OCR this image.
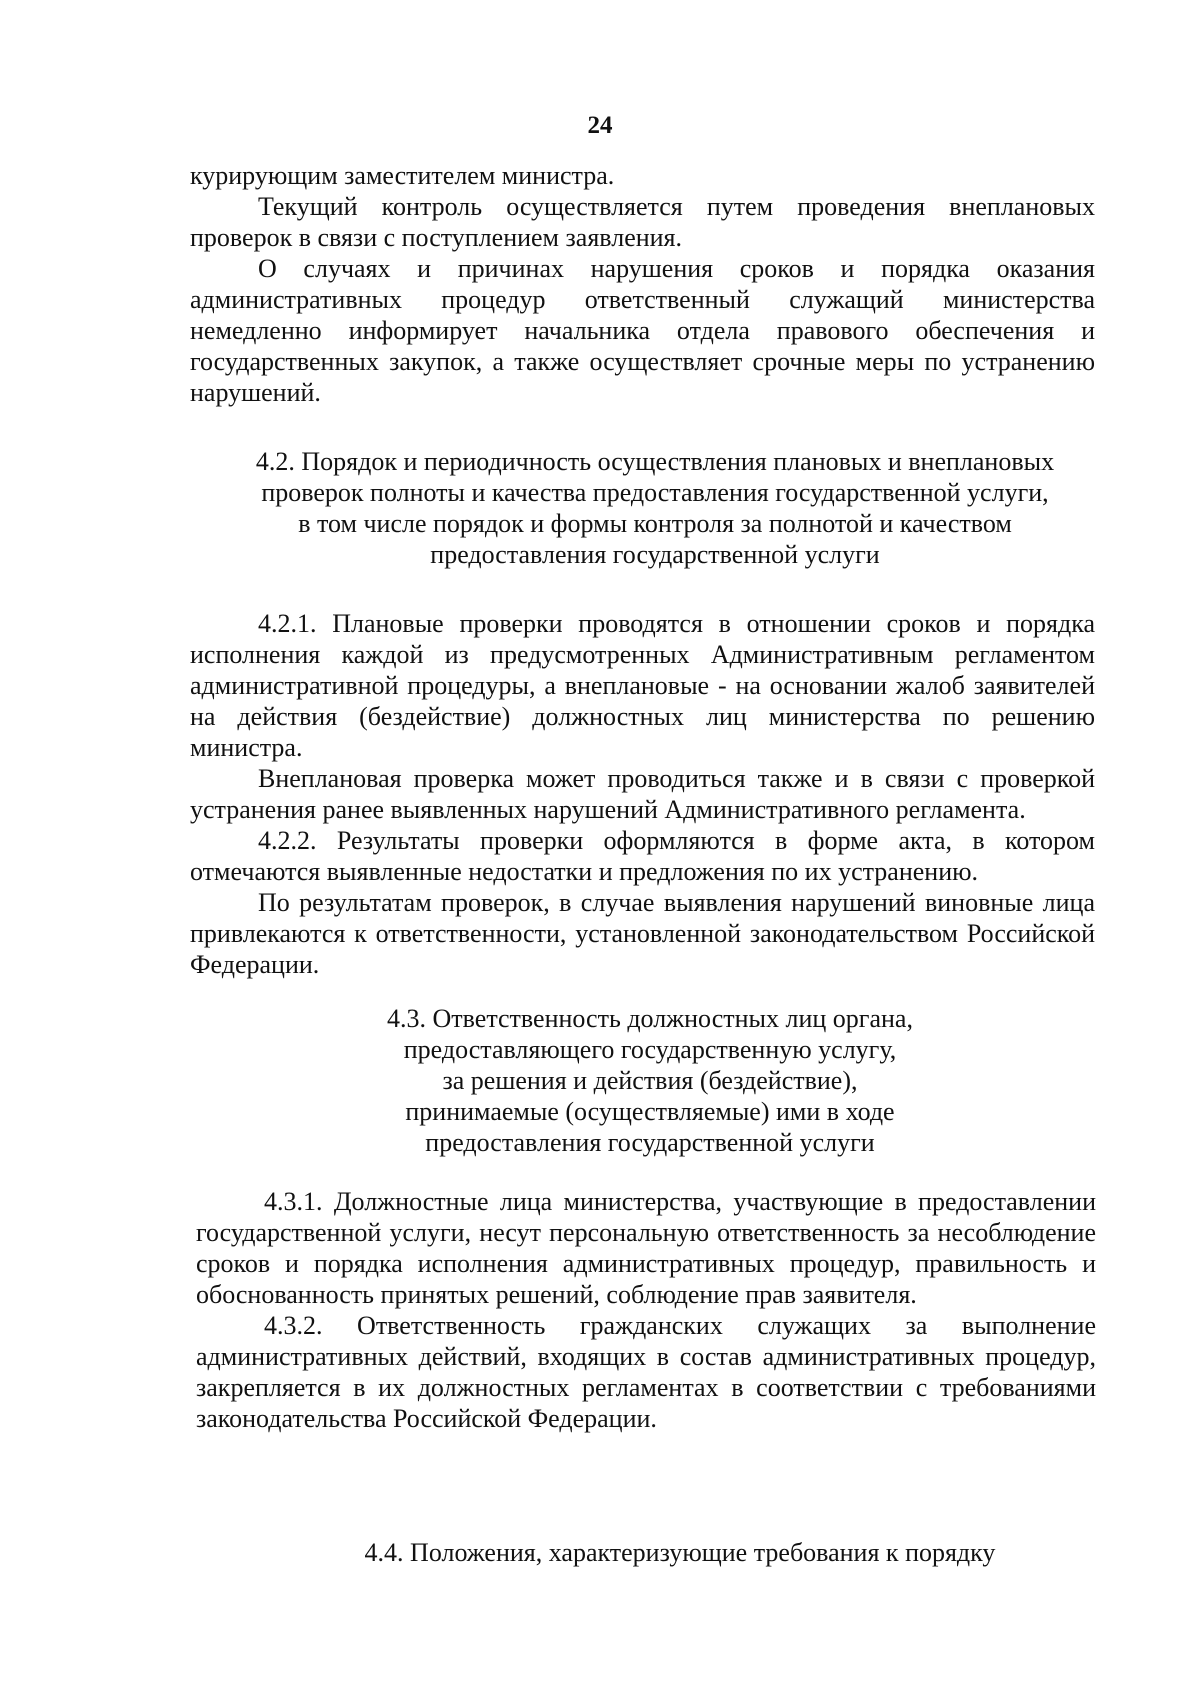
24

курирующим заместителем министра.

Текущий контроль осуществляется путем проведения внеплановых проверок в связи с поступлением заявления.

О случаях и причинах нарушения сроков и порядка оказания административных процедур ответственный служащий министерства немедленно информирует начальника отдела правового обеспечения и государственных закупок, а также осуществляет срочные меры по устранению нарушений.

4.2. Порядок и периодичность осуществления плановых и внеплановых
проверок полноты и качества предоставления государственной услуги,
в том числе порядок и формы контроля за полнотой и качеством
предоставления государственной услуги

4.2.1. Плановые проверки проводятся в отношении сроков и порядка исполнения каждой из предусмотренных Административным регламентом административной процедуры, а внеплановые - на основании жалоб заявителей на действия (бездействие) должностных лиц министерства по решению министра.

Внеплановая проверка может проводиться также и в связи с проверкой устранения ранее выявленных нарушений Административного регламента.

4.2.2. Результаты проверки оформляются в форме акта, в котором отмечаются выявленные недостатки и предложения по их устранению.

По результатам проверок, в случае выявления нарушений виновные лица привлекаются к ответственности, установленной законодательством Российской Федерации.

4.3. Ответственность должностных лиц органа,
предоставляющего государственную услугу,
за решения и действия (бездействие),
принимаемые (осуществляемые) ими в ходе
предоставления государственной услуги

4.3.1. Должностные лица министерства, участвующие в предоставлении государственной услуги, несут персональную ответственность за несоблюдение сроков и порядка исполнения административных процедур, правильность и обоснованность принятых решений, соблюдение прав заявителя.

4.3.2. Ответственность гражданских служащих за выполнение административных действий, входящих в состав административных процедур, закрепляется в их должностных регламентах в соответствии с требованиями законодательства Российской Федерации.

4.4. Положения, характеризующие требования к порядку
